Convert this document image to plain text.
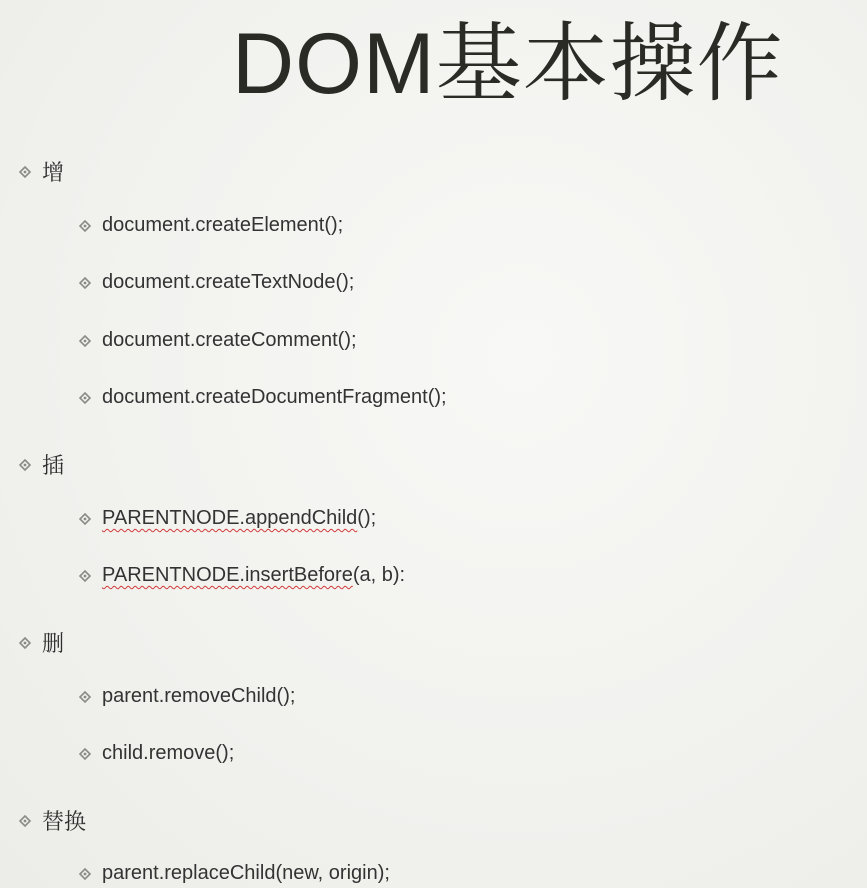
DOM基本操作
增
document.createElement();
document.createTextNode();
document.createComment();
document.createDocumentFragment();
插
PARENTNODE.appendChild ();
PARENTNODE.insertBefore (a, b):
删
parent.removeChild();
child.remove();
替换
parent.replaceChild(new, origin);
